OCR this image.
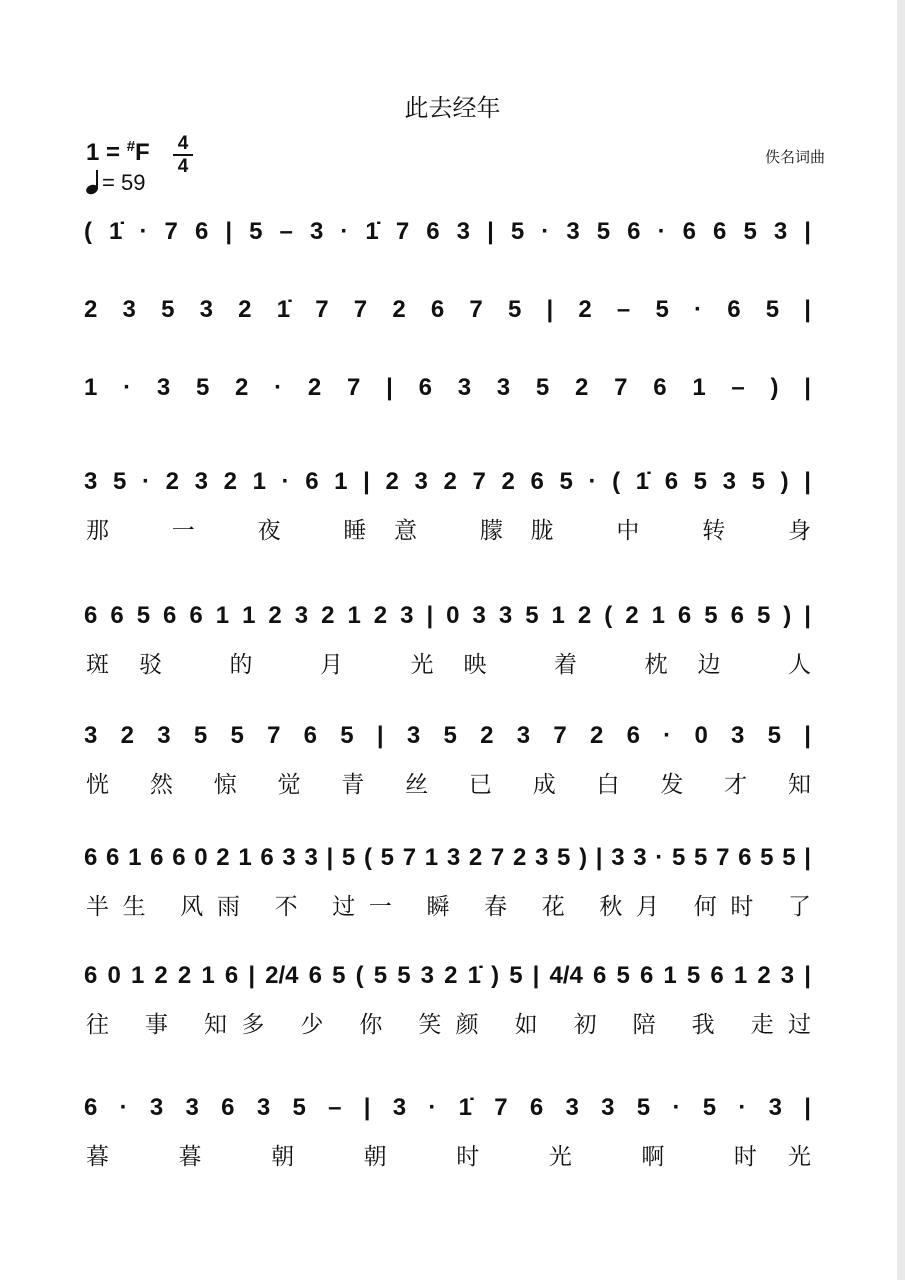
此去经年
佚名词曲
1 = #F 4
4
= 59
( 1̇ · 7 6 | 5 – 3 · 1̇ 7 6 3 | 5 · 3 5 6 · 6 6 5 3 |
2 3 5 3 2 1̇ 7 7 2 6 7 5 | 2 – 5 · 6 5 |
1 · 3 5 2 · 2 7 | 6 3 3 5 2 7 6 1 – ) |
3 5 · 2 3 2 1 · 6 1 | 2 3 2 7 2 6 5 · ( 1̇ 6 5 3 5 ) |
那 一 夜 睡意 朦胧 中 转 身
6 6 5 6 6 1 1 2 3 2 1 2 3 | 0 3 3 5 1 2 ( 2 1 6 5 6 5 ) |
斑驳 的 月 光映 着 枕边 人
3 2 3 5 5 7 6 5 | 3 5 2 3 7 2 6 · 0 3 5 |
恍 然 惊 觉 青 丝 已 成 白 发 才 知
6 6 1 6 6 0 2 1 6 3 3 | 5 ( 5 7 1 3 2 7 2 3 5 ) | 3 3 · 5 5 7 6 5 5 |
半生 风雨 不 过一 瞬 春 花 秋月 何时 了
6 0 1 2 2 1 6 | 2/4 6 5 ( 5 5 3 2 1̇ ) 5 | 4/4 6 5 6 1 5 6 1 2 3 |
往 事 知多 少 你 笑颜 如 初 陪 我 走过
6 · 3 3 6 3 5 – | 3 · 1̇ 7 6 3 3 5 · 5 · 3 |
暮 暮 朝 朝 时 光 啊 时光
